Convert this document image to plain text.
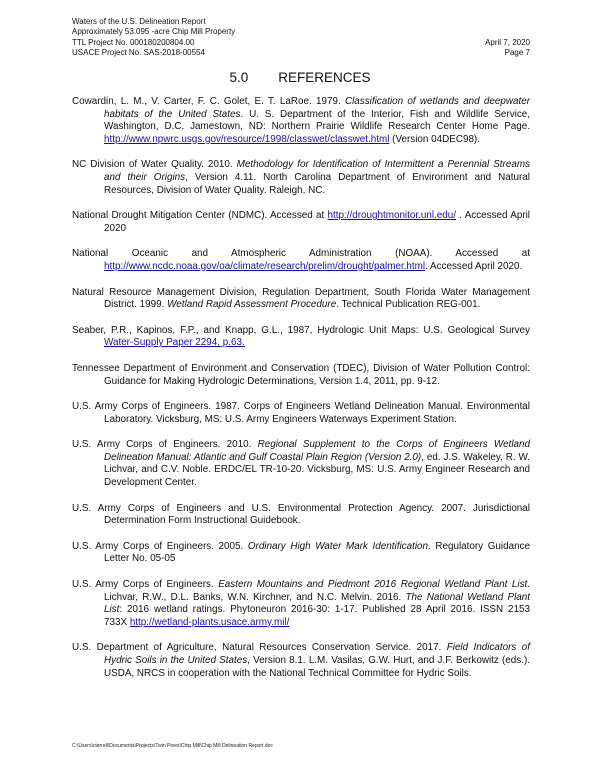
Waters of the U.S. Delineation Report
Approximately 53.095 -acre Chip Mill Property
TTL Project No. 000180200804.00	April 7, 2020
USACE Project No. SAS-2018-00554	Page 7
5.0 REFERENCES

Cowardin, L. M., V. Carter, F. C. Golet, E. T. LaRoe. 1979. Classification of wetlands and deepwater habitats of the United States. U. S. Department of the Interior, Fish and Wildlife Service, Washington, D.C. Jamestown, ND: Northern Prairie Wildlife Research Center Home Page. http://www.npwrc.usgs.gov/resource/1998/classwet/classwet.html (Version 04DEC98).

NC Division of Water Quality. 2010. Methodology for Identification of Intermittent a Perennial Streams and their Origins, Version 4.11. North Carolina Department of Environment and Natural Resources, Division of Water Quality. Raleigh, NC.

National Drought Mitigation Center (NDMC). Accessed at http://droughtmonitor.unl.edu/ . Accessed April 2020

National Oceanic and Atmospheric Administration (NOAA). Accessed at http://www.ncdc.noaa.gov/oa/climate/research/prelim/drought/palmer.html. Accessed April 2020.

Natural Resource Management Division, Regulation Department, South Florida Water Management District. 1999. Wetland Rapid Assessment Procedure. Technical Publication REG-001.

Seaber, P.R., Kapinos, F.P., and Knapp, G.L., 1987, Hydrologic Unit Maps: U.S. Geological Survey Water-Supply Paper 2294, p.63.

Tennessee Department of Environment and Conservation (TDEC), Division of Water Pollution Control: Guidance for Making Hydrologic Determinations, Version 1.4, 2011, pp. 9-12.

U.S. Army Corps of Engineers. 1987. Corps of Engineers Wetland Delineation Manual. Environmental Laboratory. Vicksburg, MS: U.S. Army Engineers Waterways Experiment Station.

U.S. Army Corps of Engineers. 2010. Regional Supplement to the Corps of Engineers Wetland Delineation Manual: Atlantic and Gulf Coastal Plain Region (Version 2.0), ed. J.S. Wakeley, R. W. Lichvar, and C.V. Noble. ERDC/EL TR-10-20. Vicksburg, MS: U.S. Army Engineer Research and Development Center.

U.S. Army Corps of Engineers and U.S. Environmental Protection Agency. 2007. Jurisdictional Determination Form Instructional Guidebook.

U.S. Army Corps of Engineers. 2005. Ordinary High Water Mark Identification. Regulatory Guidance Letter No. 05-05

U.S. Army Corps of Engineers. Eastern Mountains and Piedmont 2016 Regional Wetland Plant List. Lichvar, R.W., D.L. Banks, W.N. Kirchner, and N.C. Melvin. 2016. The National Wetland Plant List: 2016 wetland ratings. Phytoneuron 2016-30: 1-17. Published 28 April 2016. ISSN 2153 733X http://wetland-plants.usace.army.mil/

U.S. Department of Agriculture, Natural Resources Conservation Service. 2017. Field Indicators of Hydric Soils in the United States, Version 8.1. L.M. Vasilas, G.W. Hurt, and J.F. Berkowitz (eds.). USDA, NRCS in cooperation with the National Technical Committee for Hydric Soils.

C:\Users\cterrell\Documents\Projects\Twin Pines\Chip Mill\Chip Mill Delineation Report.doc
